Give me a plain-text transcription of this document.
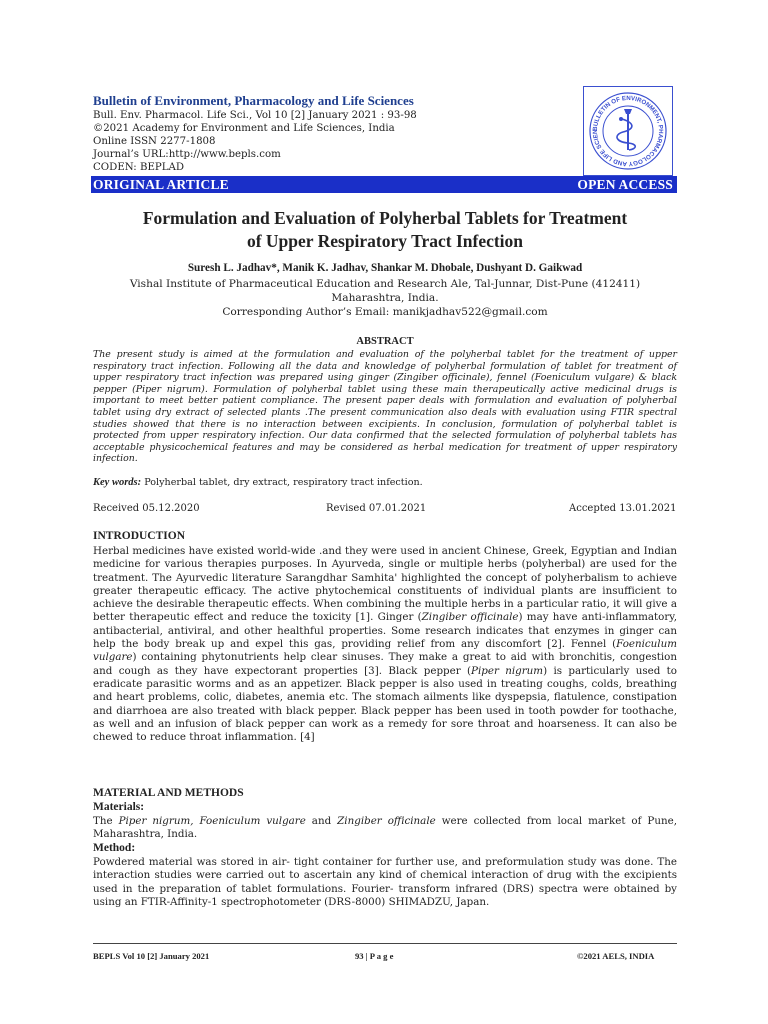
Bulletin of Environment, Pharmacology and Life Sciences
Bull. Env. Pharmacol. Life Sci., Vol 10 [2] January 2021 : 93-98
©2021 Academy for Environment and Life Sciences, India
Online ISSN 2277-1808
Journal’s URL:http://www.bepls.com
CODEN: BEPLAD
BULLETIN OF ENVIRONMENT, PHARMACOLOGY AND LIFE SCIEN
ORIGINAL ARTICLE	OPEN ACCESS
Formulation and Evaluation of Polyherbal Tablets for Treatment
of Upper Respiratory Tract Infection
Suresh L. Jadhav*, Manik K. Jadhav, Shankar M. Dhobale, Dushyant D. Gaikwad
Vishal Institute of Pharmaceutical Education and Research Ale, Tal-Junnar, Dist-Pune (412411)
Maharashtra, India.
Corresponding Author’s Email: manikjadhav522@gmail.com
ABSTRACT
The present study is aimed at the formulation and evaluation of the polyherbal tablet for the treatment of upper respiratory tract infection. Following all the data and knowledge of polyherbal formulation of tablet for treatment of upper respiratory tract infection was prepared using ginger (Zingiber officinale), fennel (Foeniculum vulgare) & black pepper (Piper nigrum). Formulation of polyherbal tablet using these main therapeutically active medicinal drugs is important to meet better patient compliance. The present paper deals with formulation and evaluation of polyherbal tablet using dry extract of selected plants .The present communication also deals with evaluation using FTIR spectral studies showed that there is no interaction between excipients. In conclusion, formulation of polyherbal tablet is protected from upper respiratory infection. Our data confirmed that the selected formulation of polyherbal tablets has acceptable physicochemical features and may be considered as herbal medication for treatment of upper respiratory infection.
Key words: Polyherbal tablet, dry extract, respiratory tract infection.
Received 05.12.2020	Revised 07.01.2021	Accepted 13.01.2021
INTRODUCTION
Herbal medicines have existed world-wide .and they were used in ancient Chinese, Greek, Egyptian and Indian medicine for various therapies purposes. In Ayurveda, single or multiple herbs (polyherbal) are used for the treatment. The Ayurvedic literature Sarangdhar Samhita' highlighted the concept of polyherbalism to achieve greater therapeutic efficacy. The active phytochemical constituents of individual plants are insufficient to achieve the desirable therapeutic effects. When combining the multiple herbs in a particular ratio, it will give a better therapeutic effect and reduce the toxicity [1]. Ginger (Zingiber officinale) may have anti-inflammatory, antibacterial, antiviral, and other healthful properties. Some research indicates that enzymes in ginger can help the body break up and expel this gas, providing relief from any discomfort [2]. Fennel (Foeniculum vulgare) containing phytonutrients help clear sinuses. They make a great to aid with bronchitis, congestion and cough as they have expectorant properties [3]. Black pepper (Piper nigrum) is particularly used to eradicate parasitic worms and as an appetizer. Black pepper is also used in treating coughs, colds, breathing and heart problems, colic, diabetes, anemia etc. The stomach ailments like dyspepsia, flatulence, constipation and diarrhoea are also treated with black pepper. Black pepper has been used in tooth powder for toothache, as well and an infusion of black pepper can work as a remedy for sore throat and hoarseness. It can also be chewed to reduce throat inflammation. [4]
MATERIAL AND METHODS
Materials:
The Piper nigrum, Foeniculum vulgare and Zingiber officinale were collected from local market of Pune, Maharashtra, India.
Method:
Powdered material was stored in air- tight container for further use, and preformulation study was done. The interaction studies were carried out to ascertain any kind of chemical interaction of drug with the excipients used in the preparation of tablet formulations. Fourier- transform infrared (DRS) spectra were obtained by using an FTIR-Affinity-1 spectrophotometer (DRS-8000) SHIMADZU, Japan.
BEPLS Vol 10 [2] January 2021	93 | P a g e	©2021 AELS, INDIA
